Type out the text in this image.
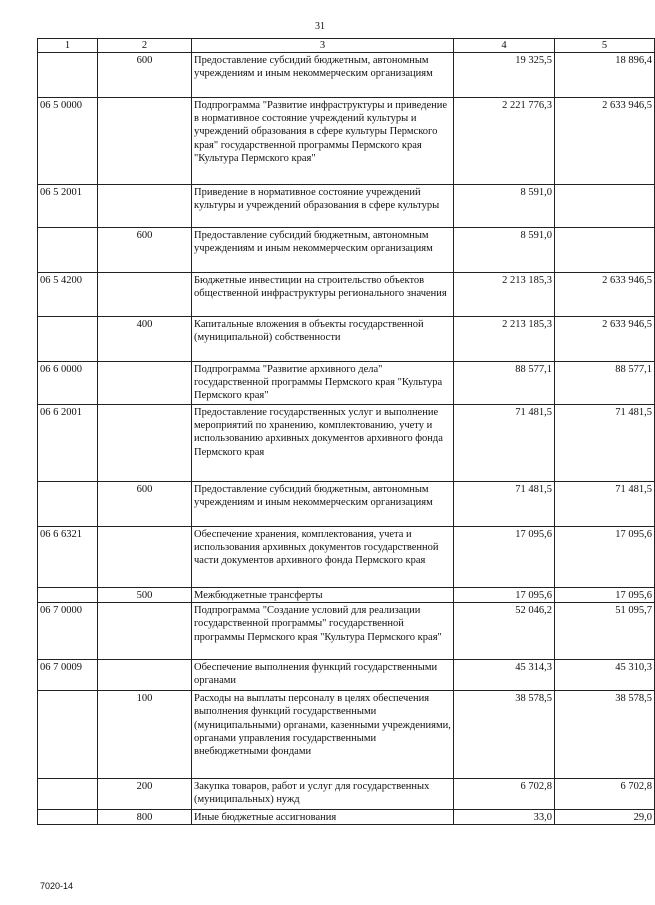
31
1	2	3	4	5
	600	Предоставление субсидий бюджетным, автономным учреждениям и иным некоммерческим организациям	19 325,5	18 896,4
06 5 0000		Подпрограмма "Развитие инфраструктуры и приведение в нормативное состояние учреждений культуры и учреждений образования в сфере культуры Пермского края" государственной программы Пермского края "Культура Пермского края"	2 221 776,3	2 633 946,5
06 5 2001		Приведение в нормативное состояние учреждений культуры и учреждений образования в сфере культуры	8 591,0	
	600	Предоставление субсидий бюджетным, автономным учреждениям и иным некоммерческим организациям	8 591,0	
06 5 4200		Бюджетные инвестиции на строительство объектов общественной инфраструктуры регионального значения	2 213 185,3	2 633 946,5
	400	Капитальные вложения в объекты государственной (муниципальной) собственности	2 213 185,3	2 633 946,5
06 6 0000		Подпрограмма "Развитие архивного дела" государственной программы Пермского края "Культура Пермского края"	88 577,1	88 577,1
06 6 2001		Предоставление государственных услуг и выполнение мероприятий по хранению, комплектованию, учету и использованию архивных документов архивного фонда Пермского края	71 481,5	71 481,5
	600	Предоставление субсидий бюджетным, автономным учреждениям и иным некоммерческим организациям	71 481,5	71 481,5
06 6 6321		Обеспечение хранения, комплектования, учета и использования архивных документов государственной части документов архивного фонда Пермского края	17 095,6	17 095,6
	500	Межбюджетные трансферты	17 095,6	17 095,6
06 7 0000		Подпрограмма "Создание условий для реализации государственной программы" государственной программы Пермского края "Культура Пермского края"	52 046,2	51 095,7
06 7 0009		Обеспечение выполнения функций государственными органами	45 314,3	45 310,3
	100	Расходы на выплаты персоналу в целях обеспечения выполнения функций государственными (муниципальными) органами, казенными учреждениями, органами управления государственными внебюджетными фондами	38 578,5	38 578,5
	200	Закупка товаров, работ и услуг для государственных (муниципальных) нужд	6 702,8	6 702,8
	800	Иные бюджетные ассигнования	33,0	29,0
7020-14
